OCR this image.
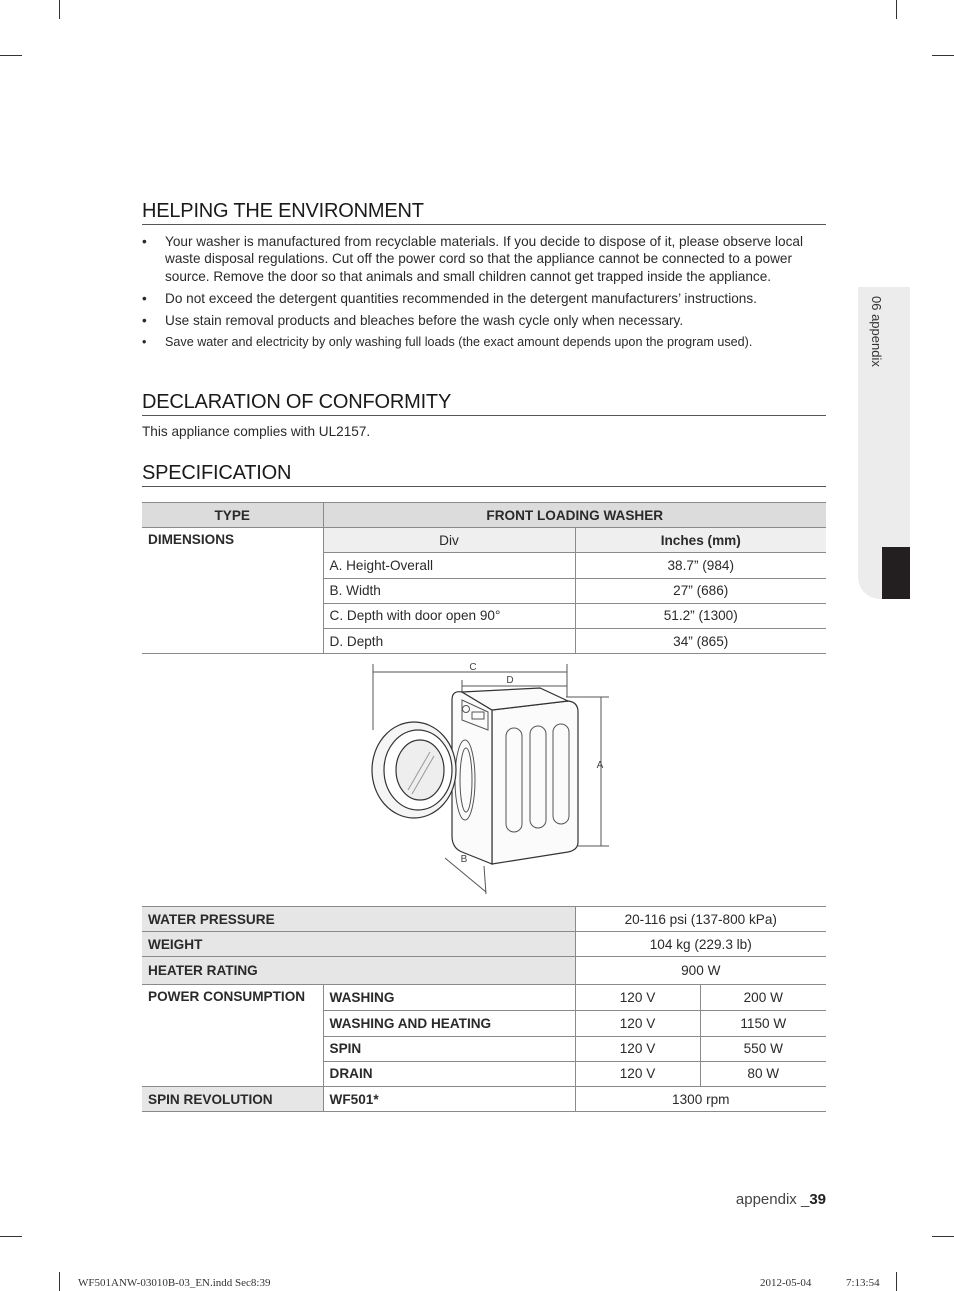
06 appendix
HELPING THE ENVIRONMENT
• Your washer is manufactured from recyclable materials. If you decide to dispose of it, please observe local waste disposal regulations. Cut off the power cord so that the appliance cannot be connected to a power source. Remove the door so that animals and small children cannot get trapped inside the appliance.
• Do not exceed the detergent quantities recommended in the detergent manufacturers’ instructions.
• Use stain removal products and bleaches before the wash cycle only when necessary.
• Save water and electricity by only washing full loads (the exact amount depends upon the program used).
DECLARATION OF CONFORMITY
This appliance complies with UL2157.
SPECIFICATION
TYPE	FRONT LOADING WASHER	
DIMENSIONS	Div	Inches (mm)
	A. Height-Overall	38.7” (984)
	B. Width	27” (686)
	C. Depth with door open 90°	51.2” (1300)
	D. Depth	34” (865)
C
D
A
B
WATER PRESSURE		20-116 psi (137-800 kPa)	
WEIGHT		104 kg (229.3 lb)	
HEATER RATING		900 W	
POWER CONSUMPTION	WASHING	120 V	200 W
	WASHING AND HEATING	120 V	1150 W
	SPIN	120 V	550 W
	DRAIN	120 V	80 W
SPIN REVOLUTION	WF501*	1300 rpm	
appendix _39
WF501ANW-03010B-03_EN.indd Sec8:39	2012-05-04	7:13:54
